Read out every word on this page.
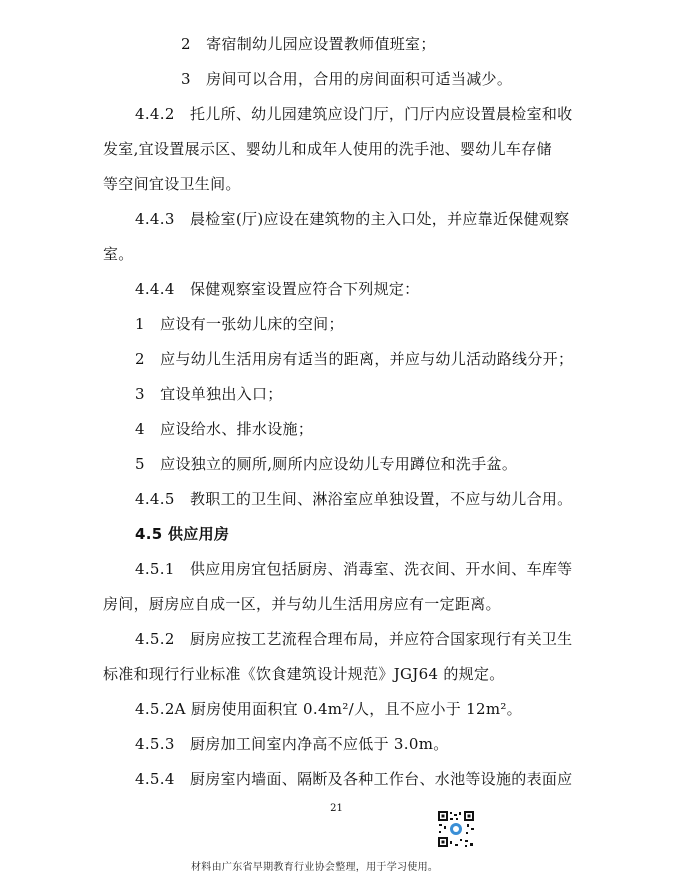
2　寄宿制幼儿园应设置教师值班室；
3　房间可以合用，合用的房间面积可适当减少。
4.4.2　托儿所、幼儿园建筑应设门厅，门厅内应设置晨检室和收
发室,宜设置展示区、婴幼儿和成年人使用的洗手池、婴幼儿车存储
等空间宜设卫生间。
4.4.3　晨检室(厅)应设在建筑物的主入口处，并应靠近保健观察
室。
4.4.4　保健观察室设置应符合下列规定：
1　应设有一张幼儿床的空间；
2　应与幼儿生活用房有适当的距离，并应与幼儿活动路线分开；
3　宜设单独出入口；
4　应设给水、排水设施；
5　应设独立的厕所,厕所内应设幼儿专用蹲位和洗手盆。
4.4.5　教职工的卫生间、淋浴室应单独设置，不应与幼儿合用。
4.5 供应用房
4.5.1　供应用房宜包括厨房、消毒室、洗衣间、开水间、车库等
房间，厨房应自成一区，并与幼儿生活用房应有一定距离。
4.5.2　厨房应按工艺流程合理布局，并应符合国家现行有关卫生
标准和现行行业标准《饮食建筑设计规范》JGJ64 的规定。
4.5.2A 厨房使用面积宜 0.4m²/人，且不应小于 12m²。
4.5.3　厨房加工间室内净高不应低于 3.0m。
4.5.4　厨房室内墙面、隔断及各种工作台、水池等设施的表面应
21
材料由广东省早期教育行业协会整理，用于学习使用。
